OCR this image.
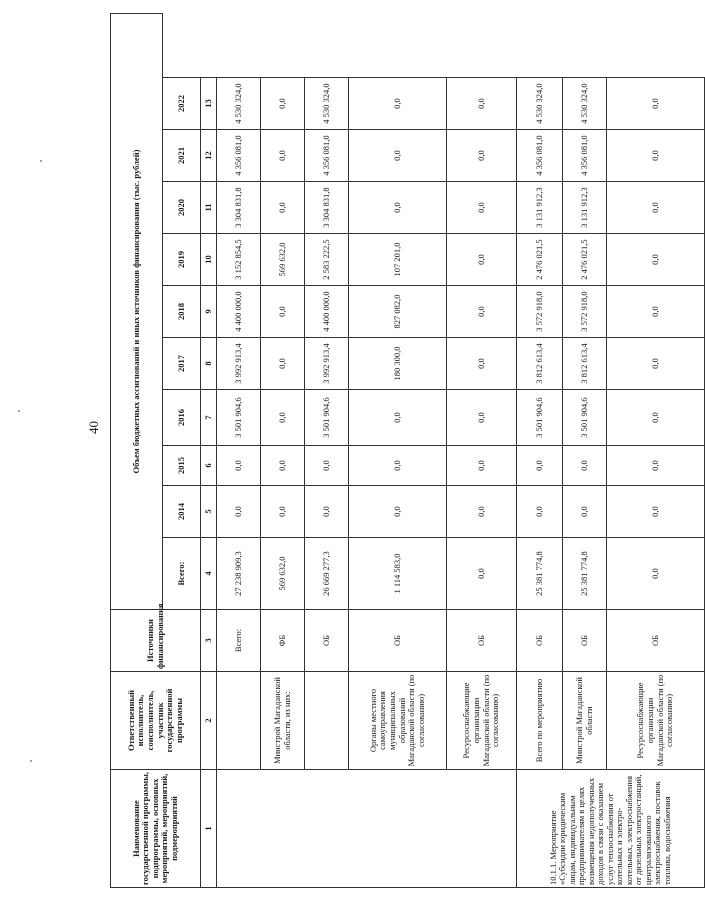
40
Наименование государственной программы, подпрограммы, основных мероприятий, мероприятий, подмероприятий	Ответственный исполнитель, соисполнитель, участник государственной программы	Источники финансирования	Объем бюджетных ассигнований и иных источников финансирования (тыс. рублей)									
			Всего:	2014	2015	2016	2017	2018	2019	2020	2021	2022
1	2	3	4	5	6	7	8	9	10	11	12	13
		Всего:	27 238 909,3	0,0	0,0	3 501 904,6	3 992 913,4	4 400 000,0	3 152 854,5	3 304 831,8	4 356 081,0	4 530 324,0
	Минстрой Магаданской области, из них:	ФБ	569 632,0	0,0	0,0	0,0	0,0	0,0	569 632,0	0,0	0,0	0,0
		ОБ	26 669 277,3	0,0	0,0	3 501 904,6	3 992 913,4	4 400 000,0	2 583 222,5	3 304 831,8	4 356 081,0	4 530 324,0
	Органы местного самоуправления муниципальных образований Магаданской области (по согласованию)	ОБ	1 114 583,0	0,0	0,0	0,0	180 300,0	827 082,0	107 201,0	0,0	0,0	0,0
	Ресурсоснабжающие организации Магаданской области (по согласованию)	ОБ	0,0	0,0	0,0	0,0	0,0	0,0	0,0	0,0	0,0	0,0
10.1.1. Мероприятие «Субсидии юридическим лицам, индивидуальным предпринимателям в целях возмещения недополученных доходов в связи с оказанием услуг теплоснабжения от котельных и электро-котельных, электроснабжения от дизельных электростанций, централизованного электроснабжения, поставок топлива, водоснабжения	Всего по мероприятию	ОБ	25 381 774,8	0,0	0,0	3 501 904,6	3 812 613,4	3 572 918,0	2 476 021,5	3 131 912,3	4 356 081,0	4 530 324,0
	Минстрой Магаданской области	ОБ	25 381 774,8	0,0	0,0	3 501 904,6	3 812 613,4	3 572 918,0	2 476 021,5	3 131 912,3	4 356 081,0	4 530 324,0
	Ресурсоснабжающие организации Магаданской области (по согласованию)	ОБ	0,0	0,0	0,0	0,0	0,0	0,0	0,0	0,0	0,0	0,0
